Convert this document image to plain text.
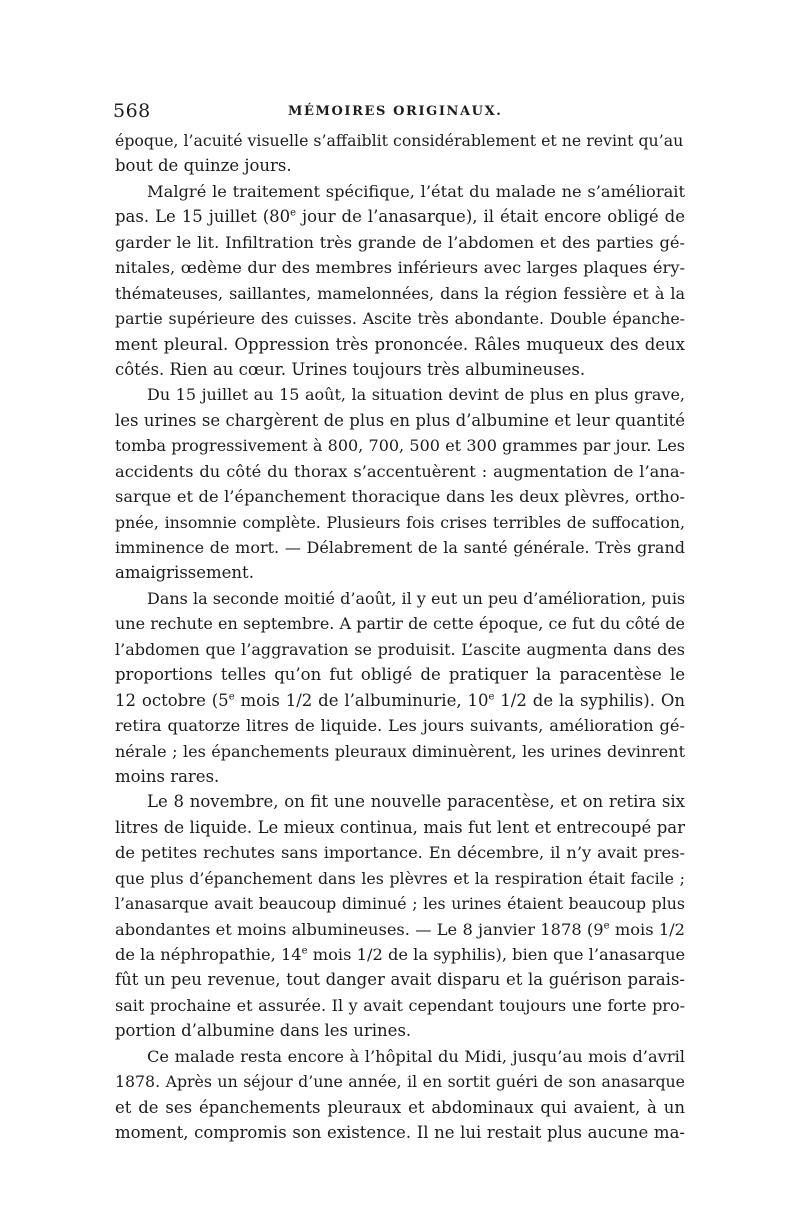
568	MÉMOIRES ORIGINAUX.
époque, l’acuité visuelle s’affaiblit considérablement et ne revint qu’au
bout de quinze jours.
Malgré le traitement spécifique, l’état du malade ne s’améliorait
pas. Le 15 juillet (80e jour de l’anasarque), il était encore obligé de
garder le lit. Infiltration très grande de l’abdomen et des parties gé-
nitales, œdème dur des membres inférieurs avec larges plaques éry-
thémateuses, saillantes, mamelonnées, dans la région fessière et à la
partie supérieure des cuisses. Ascite très abondante. Double épanche-
ment pleural. Oppression très prononcée. Râles muqueux des deux
côtés. Rien au cœur. Urines toujours très albumineuses.
Du 15 juillet au 15 août, la situation devint de plus en plus grave,
les urines se chargèrent de plus en plus d’albumine et leur quantité
tomba progressivement à 800, 700, 500 et 300 grammes par jour. Les
accidents du côté du thorax s’accentuèrent : augmentation de l’ana-
sarque et de l’épanchement thoracique dans les deux plèvres, ortho-
pnée, insomnie complète. Plusieurs fois crises terribles de suffocation,
imminence de mort. — Délabrement de la santé générale. Très grand
amaigrissement.
Dans la seconde moitié d’août, il y eut un peu d’amélioration, puis
une rechute en septembre. A partir de cette époque, ce fut du côté de
l’abdomen que l’aggravation se produisit. L’ascite augmenta dans des
proportions telles qu’on fut obligé de pratiquer la paracentèse le
12 octobre (5e mois 1/2 de l’albuminurie, 10e 1/2 de la syphilis). On
retira quatorze litres de liquide. Les jours suivants, amélioration gé-
nérale ; les épanchements pleuraux diminuèrent, les urines devinrent
moins rares.
Le 8 novembre, on fit une nouvelle paracentèse, et on retira six
litres de liquide. Le mieux continua, mais fut lent et entrecoupé par
de petites rechutes sans importance. En décembre, il n’y avait pres-
que plus d’épanchement dans les plèvres et la respiration était facile ;
l’anasarque avait beaucoup diminué ; les urines étaient beaucoup plus
abondantes et moins albumineuses. — Le 8 janvier 1878 (9e mois 1/2
de la néphropathie, 14e mois 1/2 de la syphilis), bien que l’anasarque
fût un peu revenue, tout danger avait disparu et la guérison parais-
sait prochaine et assurée. Il y avait cependant toujours une forte pro-
portion d’albumine dans les urines.
Ce malade resta encore à l’hôpital du Midi, jusqu’au mois d’avril
1878. Après un séjour d’une année, il en sortit guéri de son anasarque
et de ses épanchements pleuraux et abdominaux qui avaient, à un
moment, compromis son existence. Il ne lui restait plus aucune ma-
